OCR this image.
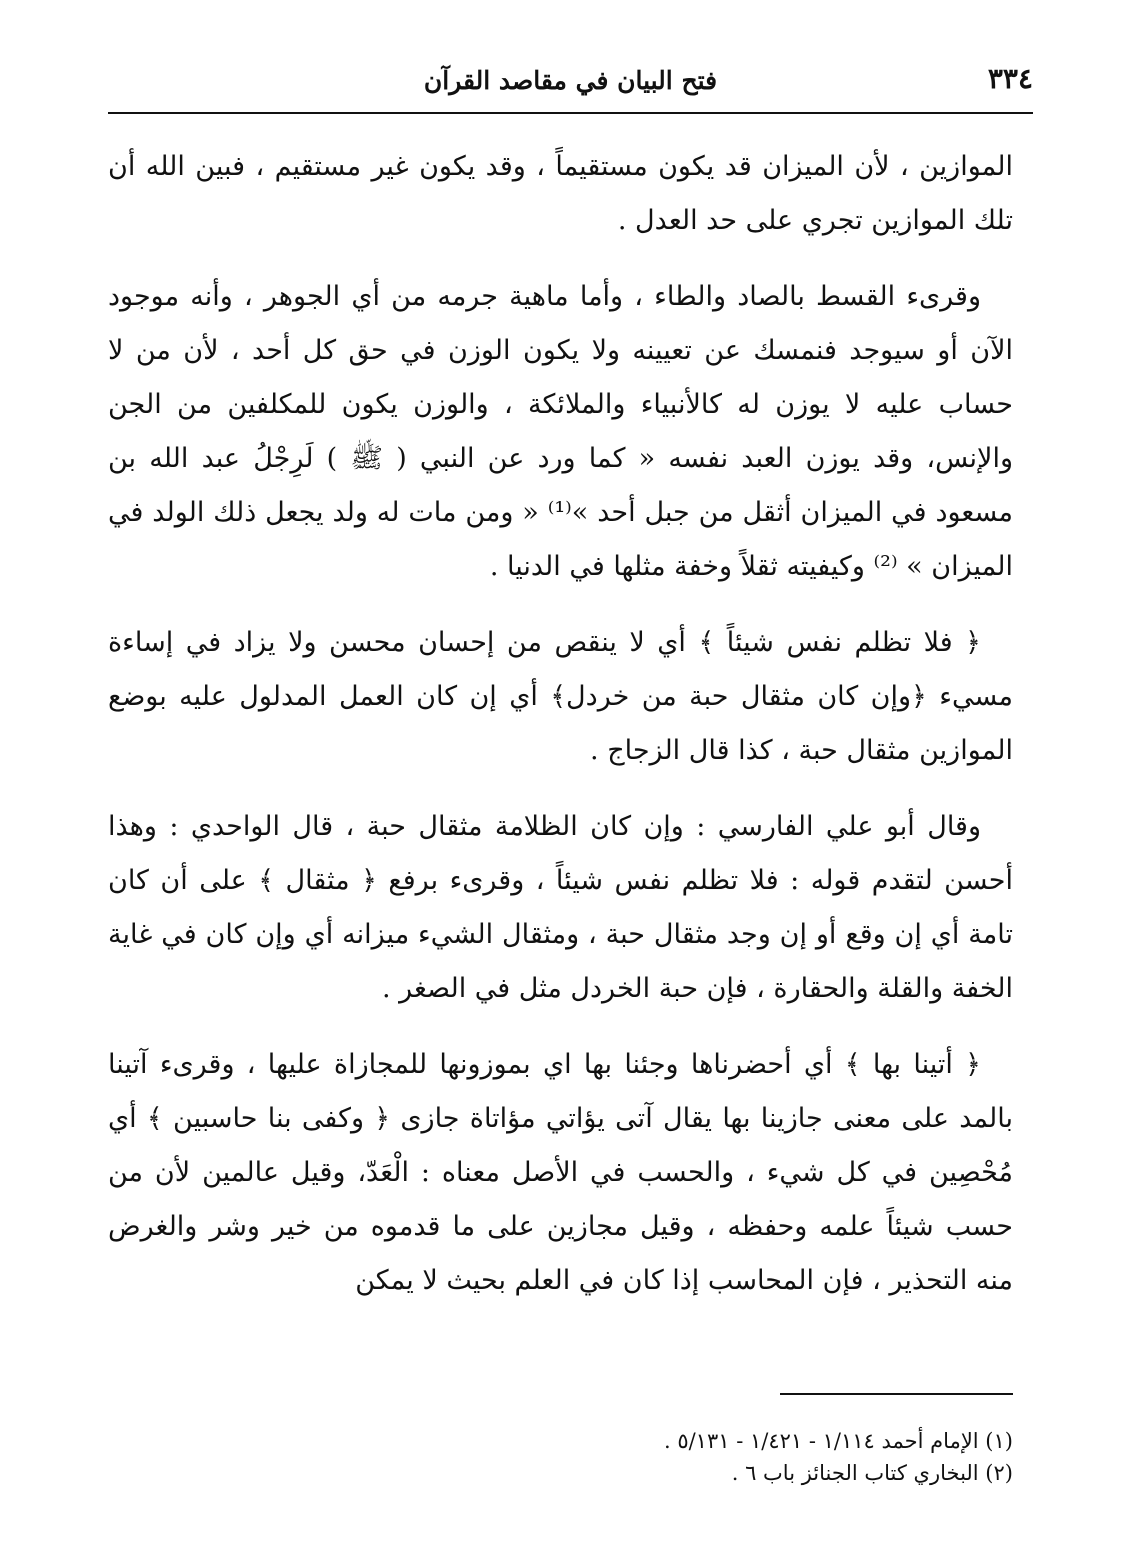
٣٣٤
فتح البيان في مقاصد القرآن

الموازين ، لأن الميزان قد يكون مستقيماً ، وقد يكون غير مستقيم ، فبين الله أن تلك الموازين تجري على حد العدل .

وقرىء القسط بالصاد والطاء ، وأما ماهية جرمه من أي الجوهر ، وأنه موجود الآن أو سيوجد فنمسك عن تعيينه ولا يكون الوزن في حق كل أحد ، لأن من لا حساب عليه لا يوزن له كالأنبياء والملائكة ، والوزن يكون للمكلفين من الجن والإنس، وقد يوزن العبد نفسه « كما ورد عن النبي ( ﷺ ) لَرِجْلُ عبد الله بن مسعود في الميزان أثقل من جبل أحد »⁽¹⁾ « ومن مات له ولد يجعل ذلك الولد في الميزان » ⁽²⁾ وكيفيته ثقلاً وخفة مثلها في الدنيا .

﴿ فلا تظلم نفس شيئاً ﴾ أي لا ينقص من إحسان محسن ولا يزاد في إساءة مسيء ﴿وإن كان مثقال حبة من خردل﴾ أي إن كان العمل المدلول عليه بوضع الموازين مثقال حبة ، كذا قال الزجاج .

وقال أبو علي الفارسي : وإن كان الظلامة مثقال حبة ، قال الواحدي : وهذا أحسن لتقدم قوله : فلا تظلم نفس شيئاً ، وقرىء برفع ﴿ مثقال ﴾ على أن كان تامة أي إن وقع أو إن وجد مثقال حبة ، ومثقال الشيء ميزانه أي وإن كان في غاية الخفة والقلة والحقارة ، فإن حبة الخردل مثل في الصغر .

﴿ أتينا بها ﴾ أي أحضرناها وجئنا بها اي بموزونها للمجازاة عليها ، وقرىء آتينا بالمد على معنى جازينا بها يقال آتى يؤاتي مؤاتاة جازى ﴿ وكفى بنا حاسبين ﴾ أي مُحْصِين في كل شيء ، والحسب في الأصل معناه : الْعَدّ، وقيل عالمين لأن من حسب شيئاً علمه وحفظه ، وقيل مجازين على ما قدموه من خير وشر والغرض منه التحذير ، فإن المحاسب إذا كان في العلم بحيث لا يمكن

(١) الإمام أحمد ١/١١٤ - ١/٤٢١ - ٥/١٣١ .

(٢) البخاري كتاب الجنائز باب ٦ .
